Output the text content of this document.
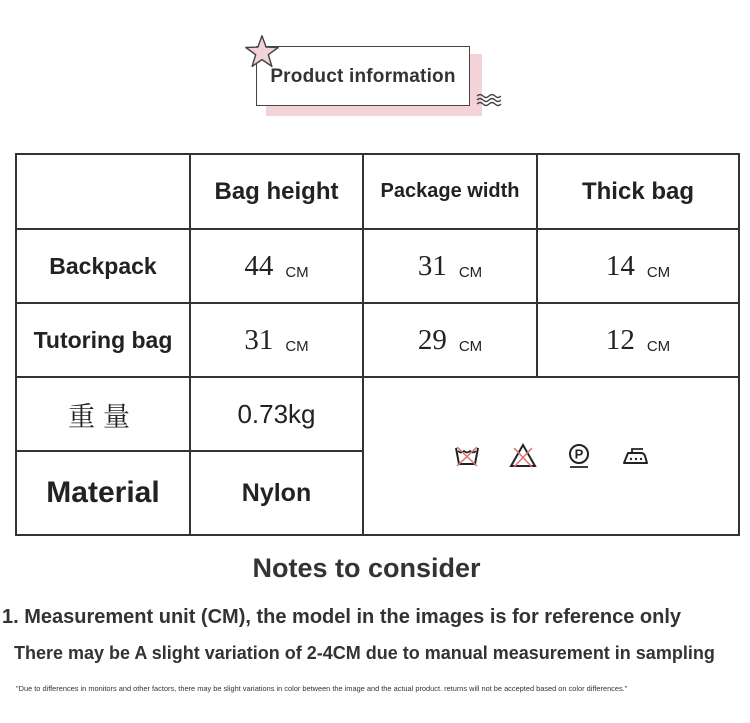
Product information
	Bag height	Package width	Thick bag
Backpack	44 CM	31 CM	14 CM
Tutoring bag	31 CM	29 CM	12 CM
重量	0.73kg	P	

Material	Nylon		
Notes to consider
1. Measurement unit (CM), the model in the images is for reference only
There may be A slight variation of 2-4CM due to manual measurement in sampling
"Due to differences in monitors and other factors, there may be slight variations in color between the image and the actual product. returns will not be accepted based on color differences."
